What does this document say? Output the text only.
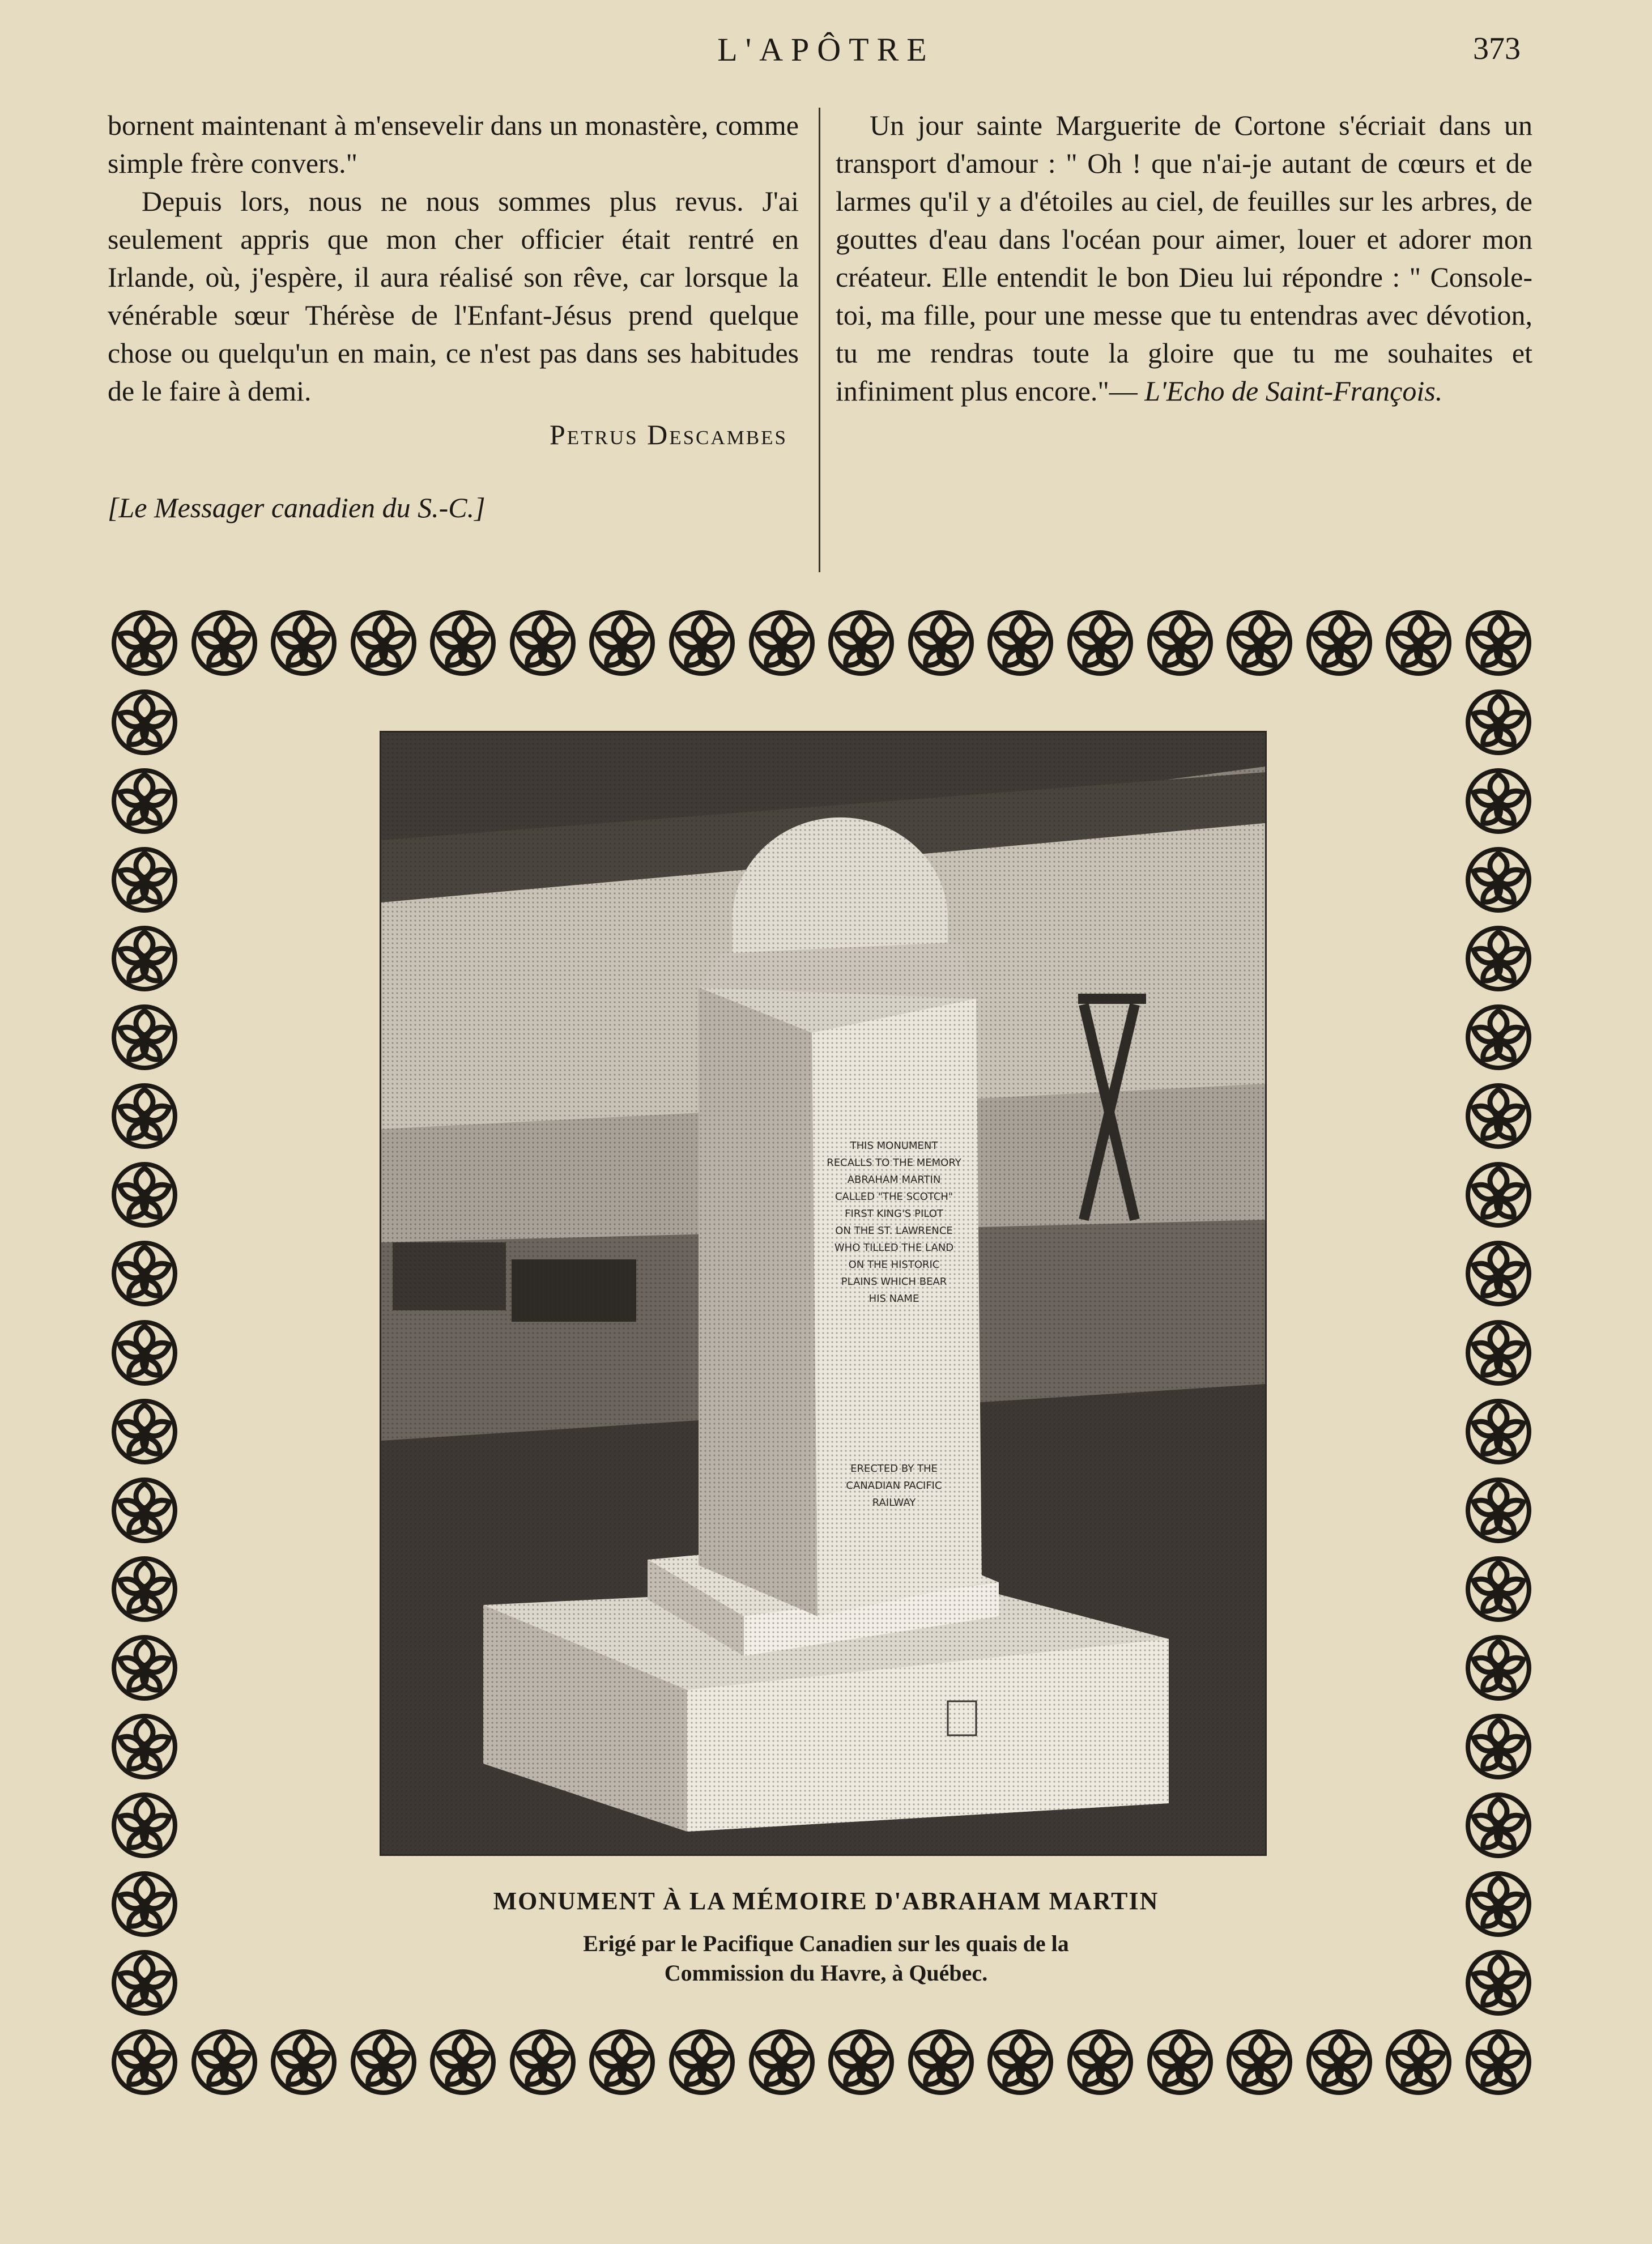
L'APÔTRE	373

bornent maintenant à m'ensevelir dans un monastère, comme simple frère convers."

Depuis lors, nous ne nous sommes plus revus. J'ai seulement appris que mon cher officier était rentré en Irlande, où, j'espère, il aura réalisé son rêve, car lorsque la vénérable sœur Thérèse de l'Enfant-Jésus prend quelque chose ou quelqu'un en main, ce n'est pas dans ses habitudes de le faire à demi.

Petrus Descambes

[Le Messager canadien du S.-C.]

Un jour sainte Marguerite de Cortone s'écriait dans un transport d'amour : " Oh ! que n'ai-je autant de cœurs et de larmes qu'il y a d'étoiles au ciel, de feuilles sur les arbres, de gouttes d'eau dans l'océan pour aimer, louer et adorer mon créateur. Elle entendit le bon Dieu lui répondre : " Console-toi, ma fille, pour une messe que tu entendras avec dévotion, tu me rendras toute la gloire que tu me souhaites et infiniment plus encore."— L'Echo de Saint-François.

THIS MONUMENT
RECALLS TO THE MEMORY
ABRAHAM MARTIN
CALLED "THE SCOTCH"
FIRST KING'S PILOT
ON THE ST. LAWRENCE
WHO TILLED THE LAND
ON THE HISTORIC
PLAINS WHICH BEAR
HIS NAME
ERECTED BY THE
CANADIAN PACIFIC
RAILWAY
MONUMENT À LA MÉMOIRE D'ABRAHAM MARTIN
Erigé par le Pacifique Canadien sur les quais de la
Commission du Havre, à Québec.
